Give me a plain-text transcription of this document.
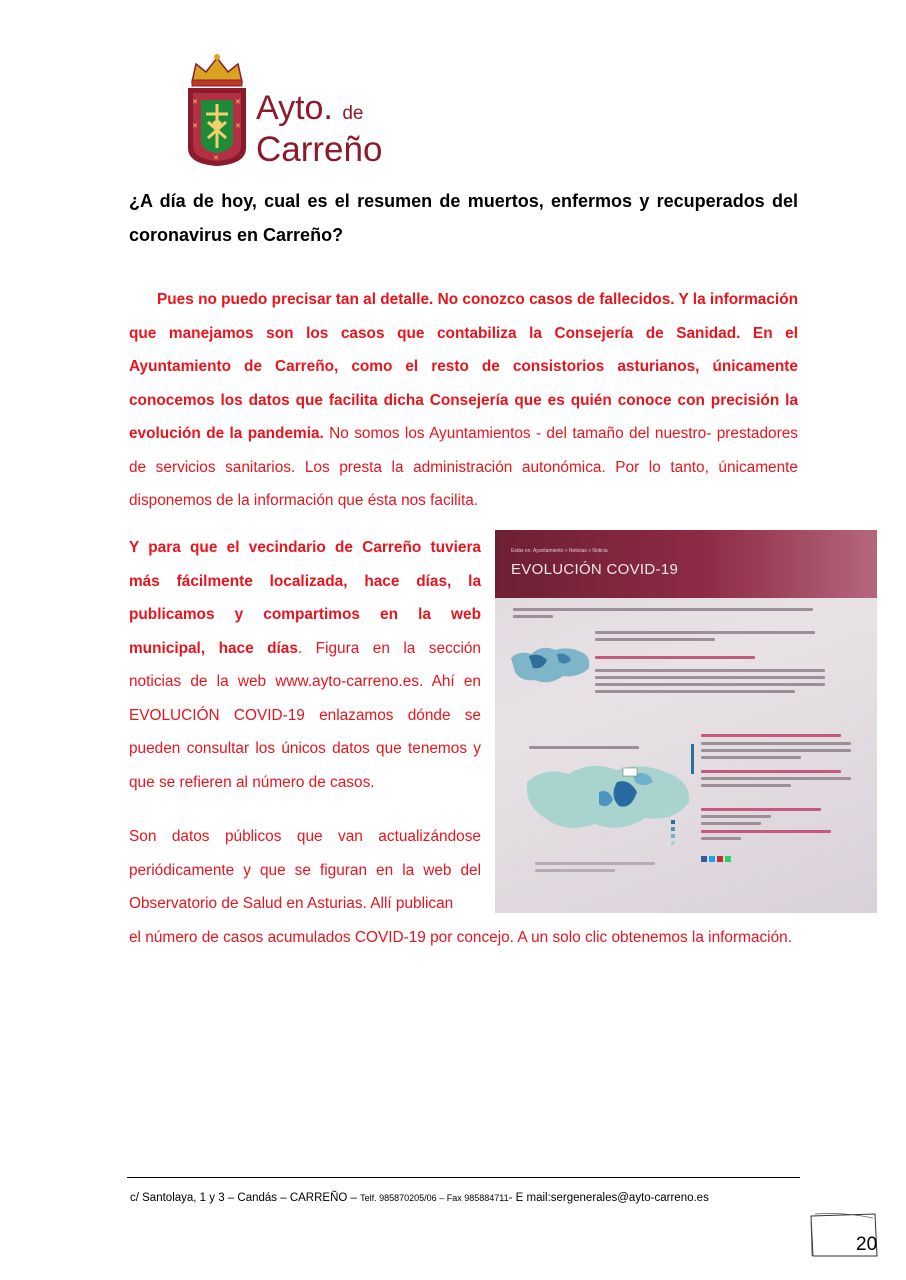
✕	✕
✕	✕
✕
Ayto. de
Carreño
¿A día de hoy, cual es el resumen de muertos, enfermos y recuperados del coronavirus en Carreño?
Pues no puedo precisar tan al detalle. No conozco casos de fallecidos. Y la información que manejamos son los casos que contabiliza la Consejería de Sanidad. En el Ayuntamiento de Carreño, como el resto de consistorios asturianos, únicamente conocemos los datos que facilita dicha Consejería que es quién conoce con precisión la evolución de la pandemia. No somos los Ayuntamientos - del tamaño del nuestro- prestadores de servicios sanitarios. Los presta la administración autonómica. Por lo tanto, únicamente disponemos de la información que ésta nos facilita.
Y para que el vecindario de Carreño tuviera más fácilmente localizada, hace días, la publicamos y compartimos en la web municipal, hace días. Figura en la sección noticias de la web www.ayto-carreno.es. Ahí en EVOLUCIÓN COVID-19 enlazamos dónde se pueden consultar los únicos datos que tenemos y que se refieren al número de casos.
Son datos públicos que van actualizándose periódicamente y que se figuran en la web del Observatorio de Salud en Asturias. Allí publican
el número de casos acumulados COVID-19 por concejo. A un solo clic obtenemos la información.
Estás en: Ayuntamiento » Noticias » Noticia
EVOLUCIÓN COVID-19
c/ Santolaya, 1 y 3 – Candás – CARREÑO – Telf. 985870205/06 – Fax 985884711- E mail:sergenerales@ayto-carreno.es
20
